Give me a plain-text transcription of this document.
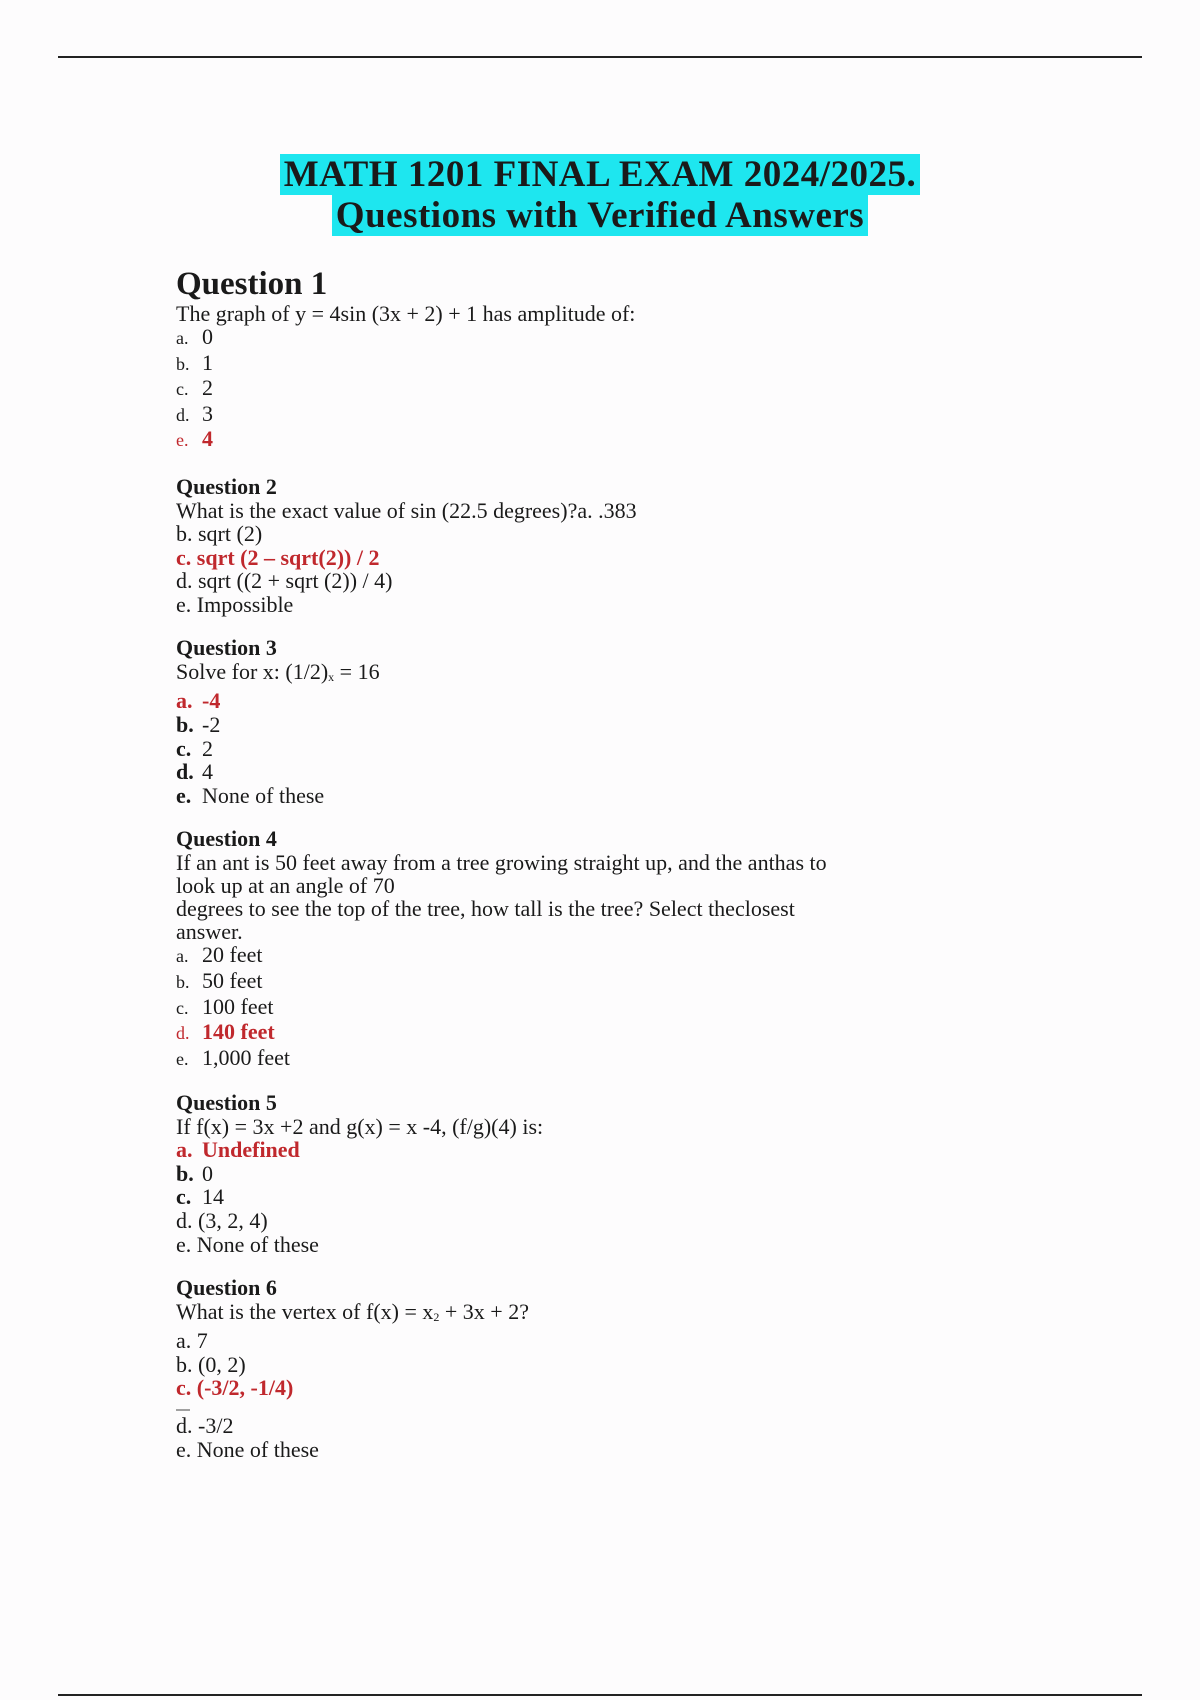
MATH 1201 FINAL EXAM 2024/2025.
Questions with Verified Answers
Question 1
The graph of y = 4sin (3x + 2) + 1 has amplitude of:
a. 0
b. 1
c. 2
d. 3
e. 4
Question 2
What is the exact value of sin (22.5 degrees)?a. .383
b. sqrt (2)
c. sqrt (2 – sqrt(2)) / 2
d. sqrt ((2 + sqrt (2)) / 4)
e. Impossible
Question 3
Solve for x: $(1/2)_x = 16$
a. -4
b. -2
c. 2
d. 4
e. None of these
Question 4
If an ant is 50 feet away from a tree growing straight up, and the anthas to
look up at an angle of 70
degrees to see the top of the tree, how tall is the tree? Select theclosest
answer.
a. 20 feet
b. 50 feet
c. 100 feet
d. 140 feet
e. 1,000 feet
Question 5
If f(x) = 3x +2 and g(x) = x -4, (f/g)(4) is:
a. Undefined
b. 0
c. 14
d. (3, 2, 4)
e. None of these
Question 6
What is the vertex of $f(x) = x_2 + 3x + 2$?
a. 7
b. (0, 2)
c. (-3/2, -1/4)
d. -3/2
e. None of these
